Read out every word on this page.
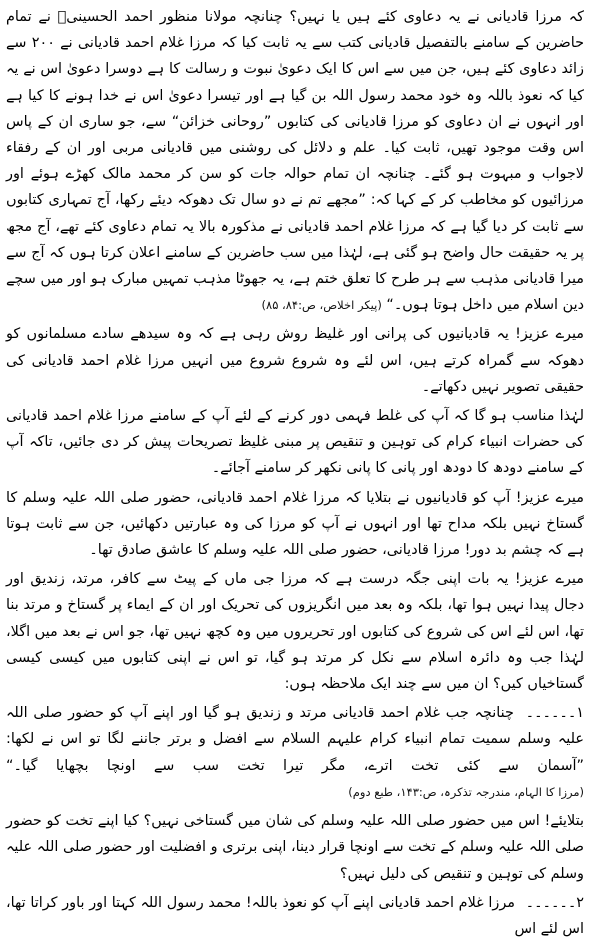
کہ مرزا قادیانی نے یہ دعاوی کئے ہیں یا نہیں؟ چنانچہ مولانا منظور احمد الحسینیؒ نے تمام حاضرین کے سامنے بالتفصیل قادیانی کتب سے یہ ثابت کیا کہ مرزا غلام احمد قادیانی نے ۲۰۰ سے زائد دعاوی کئے ہیں، جن میں سے اس کا ایک دعویٰ نبوت و رسالت کا ہے دوسرا دعویٰ اس نے یہ کیا کہ نعوذ باللہ وہ خود محمد رسول اللہ بن گیا ہے اور تیسرا دعویٰ اس نے خدا ہونے کا کیا ہے اور انہوں نے ان دعاوی کو مرزا قادیانی کی کتابوں ”روحانی خزائن“ سے، جو ساری ان کے پاس اس وقت موجود تھیں، ثابت کیا۔ علم و دلائل کی روشنی میں قادیانی مربی اور ان کے رفقاء لاجواب و مبہوت ہو گئے۔ چنانچہ ان تمام حوالہ جات کو سن کر محمد مالک کھڑے ہوئے اور مرزائیوں کو مخاطب کر کے کہا کہ: ”مجھے تم نے دو سال تک دھوکہ دیئے رکھا، آج تمہاری کتابوں سے ثابت کر دیا گیا ہے کہ مرزا غلام احمد قادیانی نے مذکورہ بالا یہ تمام دعاوی کئے تھے، آج مجھ پر یہ حقیقت حال واضح ہو گئی ہے، لہٰذا میں سب حاضرین کے سامنے اعلان کرتا ہوں کہ آج سے میرا قادیانی مذہب سے ہر طرح کا تعلق ختم ہے، یہ جھوٹا مذہب تمہیں مبارک ہو اور میں سچے دین اسلام میں داخل ہوتا ہوں۔“ (پیکر اخلاص، ص:۸۴، ۸۵)

میرے عزیز! یہ قادیانیوں کی پرانی اور غلیظ روش رہی ہے کہ وہ سیدھے سادے مسلمانوں کو دھوکہ سے گمراہ کرتے ہیں، اس لئے وہ شروع شروع میں انہیں مرزا غلام احمد قادیانی کی حقیقی تصویر نہیں دکھاتے۔

لہٰذا مناسب ہو گا کہ آپ کی غلط فہمی دور کرنے کے لئے آپ کے سامنے مرزا غلام احمد قادیانی کی حضرات انبیاء کرام کی توہین و تنقیص پر مبنی غلیظ تصریحات پیش کر دی جائیں، تاکہ آپ کے سامنے دودھ کا دودھ اور پانی کا پانی نکھر کر سامنے آجائے۔

میرے عزیز! آپ کو قادیانیوں نے بتلایا کہ مرزا غلام احمد قادیانی، حضور صلی اللہ علیہ وسلم کا گستاخ نہیں بلکہ مداح تھا اور انہوں نے آپ کو مرزا کی وہ عبارتیں دکھائیں، جن سے ثابت ہوتا ہے کہ چشم بد دور! مرزا قادیانی، حضور صلی اللہ علیہ وسلم کا عاشق صادق تھا۔

میرے عزیز! یہ بات اپنی جگہ درست ہے کہ مرزا جی ماں کے پیٹ سے کافر، مرتد، زندیق اور دجال پیدا نہیں ہوا تھا، بلکہ وہ بعد میں انگریزوں کی تحریک اور ان کے ایماء پر گستاخ و مرتد بنا تھا، اس لئے اس کی شروع کی کتابوں اور تحریروں میں وہ کچھ نہیں تھا، جو اس نے بعد میں اگلا، لہٰذا جب وہ دائرہ اسلام سے نکل کر مرتد ہو گیا، تو اس نے اپنی کتابوں میں کیسی کیسی گستاخیاں کیں؟ ان میں سے چند ایک ملاحظہ ہوں:

۱۔۔۔۔۔۔ چنانچہ جب غلام احمد قادیانی مرتد و زندیق ہو گیا اور اپنے آپ کو حضور صلی اللہ علیہ وسلم سمیت تمام انبیاء کرام علیہم السلام سے افضل و برتر جاننے لگا تو اس نے لکھا: ”آسمان سے کئی تخت اترے، مگر تیرا تخت سب سے اونچا بچھایا گیا۔“ (مرزا کا الہام، مندرجہ تذکرہ، ص:۱۴۳، طبع دوم)

بتلایئے! اس میں حضور صلی اللہ علیہ وسلم کی شان میں گستاخی نہیں؟ کیا اپنے تخت کو حضور صلی اللہ علیہ وسلم کے تخت سے اونچا قرار دینا، اپنی برتری و افضلیت اور حضور صلی اللہ علیہ وسلم کی توہین و تنقیص کی دلیل نہیں؟

۲۔۔۔۔۔۔ مرزا غلام احمد قادیانی اپنے آپ کو نعوذ باللہ! محمد رسول اللہ کہتا اور باور کراتا تھا، اس لئے اس
